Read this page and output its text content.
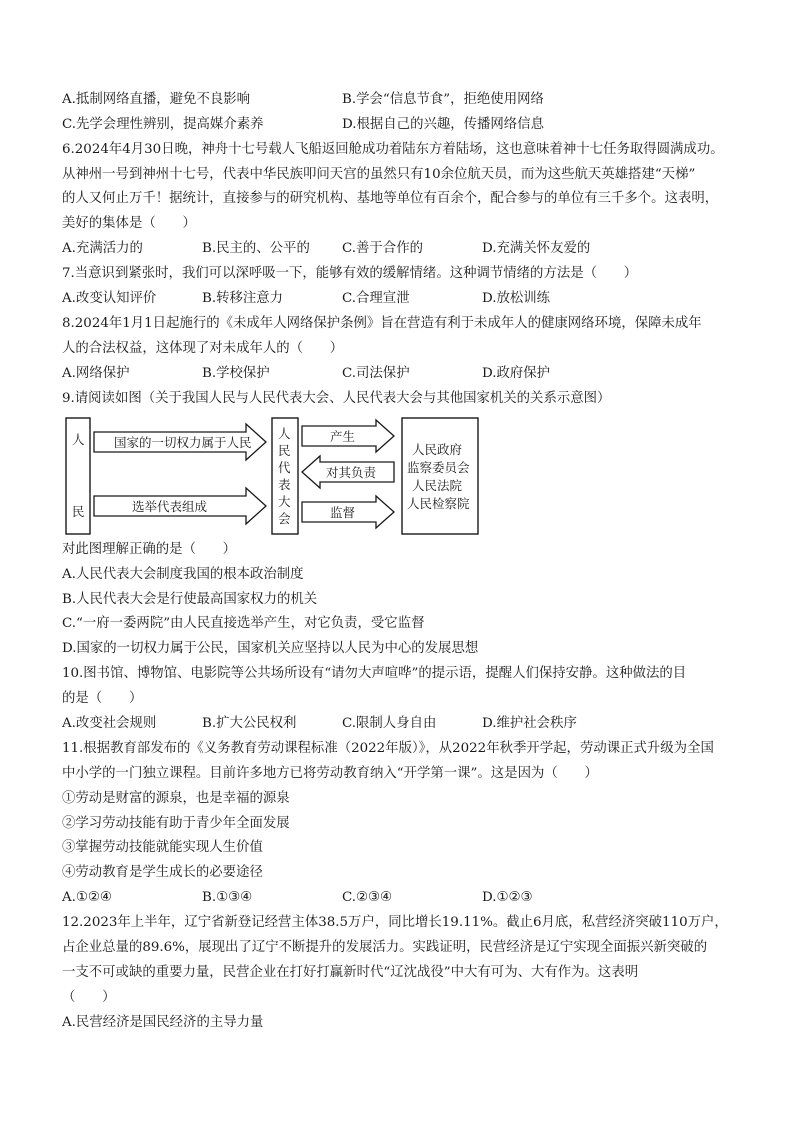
A.抵制网络直播，避免不良影响	B.学会“信息节食”，拒绝使用网络
C.先学会理性辨别，提高媒介素养	D.根据自己的兴趣，传播网络信息
6.2024年4月30日晚，神舟十七号载人飞船返回舱成功着陆东方着陆场，这也意味着神十七任务取得圆满成功。
从神州一号到神州十七号，代表中华民族叩问天宫的虽然只有10余位航天员，而为这些航天英雄搭建“天梯”
的人又何止万千！据统计，直接参与的研究机构、基地等单位有百余个，配合参与的单位有三千多个。这表明，
美好的集体是（　　）
A.充满活力的	B.民主的、公平的 C.善于合作的	D.充满关怀友爱的
7.当意识到紧张时，我们可以深呼吸一下，能够有效的缓解情绪。这种调节情绪的方法是（　　）
A.改变认知评价	B.转移注意力	C.合理宣泄	D.放松训练
8.2024年1月1日起施行的《未成年人网络保护条例》旨在营造有利于未成年人的健康网络环境，保障未成年
人的合法权益，这体现了对未成年人的（　　）
A.网络保护	B.学校保护	C.司法保护	D.政府保护
9.请阅读如图（关于我国人民与人民代表大会、人民代表大会与其他国家机关的关系示意图）
人
民
国家的一切权力属于人民
选举代表组成
人
民
代
表
大
会
产生
对其负责
监督
人民政府
监察委员会
人民法院
人民检察院
对此图理解正确的是（　　）
A.人民代表大会制度我国的根本政治制度
B.人民代表大会是行使最高国家权力的机关
C.“一府一委两院”由人民直接选举产生，对它负责，受它监督
D.国家的一切权力属于公民，国家机关应坚持以人民为中心的发展思想
10.图书馆、博物馆、电影院等公共场所设有“请勿大声喧哗”的提示语，提醒人们保持安静。这种做法的目
的是（　　）
A.改变社会规则	B.扩大公民权利	C.限制人身自由	D.维护社会秩序
11.根据教育部发布的《义务教育劳动课程标准（2022年版）》，从2022年秋季开学起，劳动课正式升级为全国
中小学的一门独立课程。目前许多地方已将劳动教育纳入“开学第一课”。这是因为（　　）
①劳动是财富的源泉，也是幸福的源泉
②学习劳动技能有助于青少年全面发展
③掌握劳动技能就能实现人生价值
④劳动教育是学生成长的必要途径
A.①②④	B.①③④	C.②③④	D.①②③
12.2023年上半年，辽宁省新登记经营主体38.5万户，同比增长19.11%。截止6月底，私营经济突破110万户，
占企业总量的89.6%，展现出了辽宁不断提升的发展活力。实践证明，民营经济是辽宁实现全面振兴新突破的
一支不可或缺的重要力量，民营企业在打好打赢新时代“辽沈战役”中大有可为、大有作为。这表明
（　　）
A.民营经济是国民经济的主导力量
